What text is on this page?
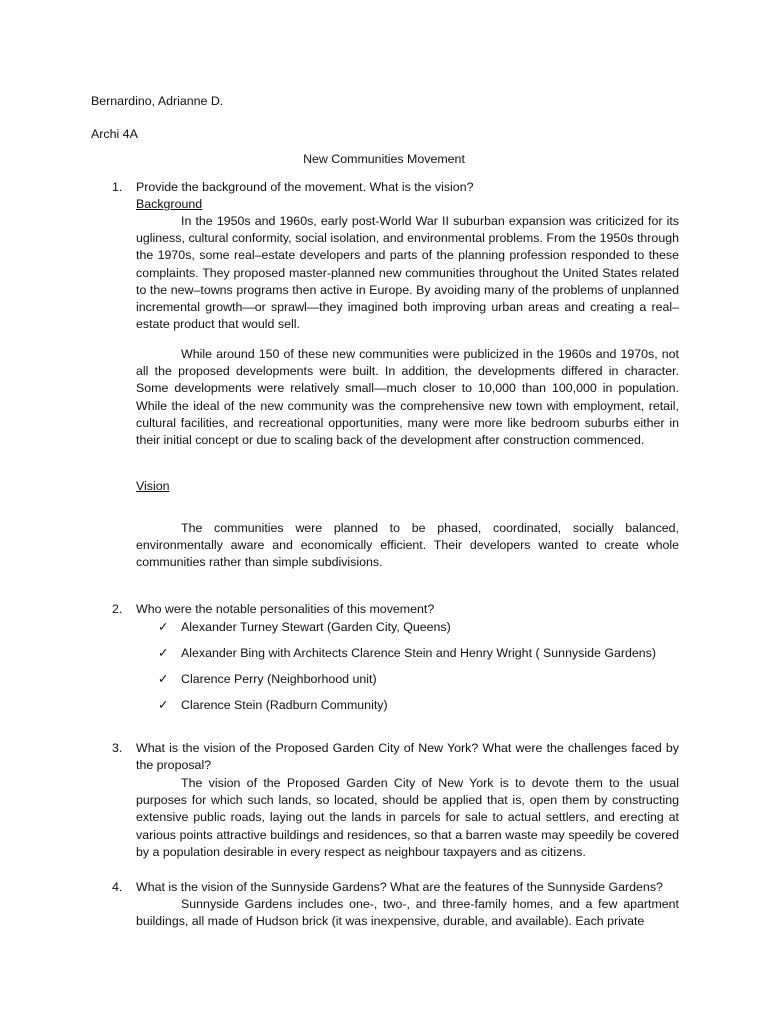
Bernardino, Adrianne D.
Archi 4A
New Communities Movement
1. Provide the background of the movement. What is the vision?
Background
In the 1950s and 1960s, early post-World War II suburban expansion was criticized for its ugliness, cultural conformity, social isolation, and environmental problems. From the 1950s through the 1970s, some real–estate developers and parts of the planning profession responded to these complaints. They proposed master-planned new communities throughout the United States related to the new–towns programs then active in Europe. By avoiding many of the problems of unplanned incremental growth—or sprawl—they imagined both improving urban areas and creating a real–estate product that would sell.
While around 150 of these new communities were publicized in the 1960s and 1970s, not all the proposed developments were built. In addition, the developments differed in character. Some developments were relatively small—much closer to 10,000 than 100,000 in population. While the ideal of the new community was the comprehensive new town with employment, retail, cultural facilities, and recreational opportunities, many were more like bedroom suburbs either in their initial concept or due to scaling back of the development after construction commenced.
Vision
The communities were planned to be phased, coordinated, socially balanced, environmentally aware and economically efficient. Their developers wanted to create whole communities rather than simple subdivisions.
2. Who were the notable personalities of this movement?
✓ Alexander Turney Stewart (Garden City, Queens)
✓ Alexander Bing with Architects Clarence Stein and Henry Wright ( Sunnyside Gardens)
✓ Clarence Perry (Neighborhood unit)
✓ Clarence Stein (Radburn Community)
3. What is the vision of the Proposed Garden City of New York? What were the challenges faced by the proposal?
The vision of the Proposed Garden City of New York is to devote them to the usual purposes for which such lands, so located, should be applied that is, open them by constructing extensive public roads, laying out the lands in parcels for sale to actual settlers, and erecting at various points attractive buildings and residences, so that a barren waste may speedily be covered by a population desirable in every respect as neighbour taxpayers and as citizens.
4. What is the vision of the Sunnyside Gardens? What are the features of the Sunnyside Gardens?
Sunnyside Gardens includes one-, two-, and three-family homes, and a few apartment buildings, all made of Hudson brick (it was inexpensive, durable, and available). Each private
